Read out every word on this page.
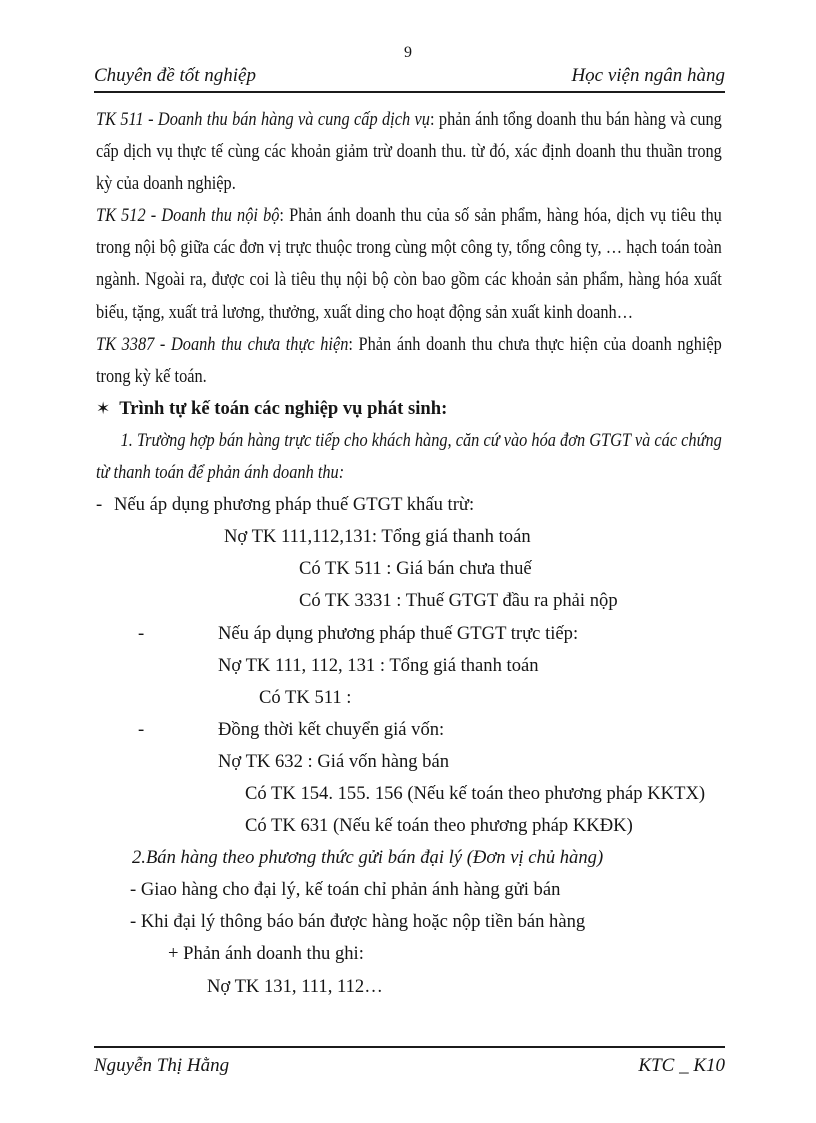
9
Chuyên đề tốt nghiệp	Học viện ngân hàng

TK 511 - Doanh thu bán hàng và cung cấp dịch vụ: phản ánh tổng doanh thu bán hàng và cung cấp dịch vụ thực tế cùng các khoản giảm trừ doanh thu. từ đó, xác định doanh thu thuần trong kỳ của doanh nghiệp.

TK 512 - Doanh thu nội bộ: Phản ánh doanh thu của số sản phẩm, hàng hóa, dịch vụ tiêu thụ trong nội bộ giữa các đơn vị trực thuộc trong cùng một công ty, tổng công ty, … hạch toán toàn ngành. Ngoài ra, được coi là tiêu thụ nội bộ còn bao gồm các khoản sản phẩm, hàng hóa xuất biếu, tặng, xuất trả lương, thưởng, xuất ding cho hoạt động sản xuất kinh doanh…

TK 3387 - Doanh thu chưa thực hiện: Phản ánh doanh thu chưa thực hiện của doanh nghiệp trong kỳ kế toán.

✶ Trình tự kế toán các nghiệp vụ phát sinh:

1. Trường hợp bán hàng trực tiếp cho khách hàng, căn cứ vào hóa đơn GTGT và các chứng từ thanh toán để phản ánh doanh thu:

- Nếu áp dụng phương pháp thuế GTGT khấu trừ:
Nợ TK 111,112,131: Tổng giá thanh toán
Có TK 511 : Giá bán chưa thuế
Có TK 3331 : Thuế GTGT đầu ra phải nộp
-	Nếu áp dụng phương pháp thuế GTGT trực tiếp:
Nợ TK 111, 112, 131 : Tổng giá thanh toán
Có TK 511 :
-	Đồng thời kết chuyển giá vốn:
Nợ TK 632 : Giá vốn hàng bán
Có TK 154. 155. 156 (Nếu kế toán theo phương pháp KKTX)
Có TK 631 (Nếu kế toán theo phương pháp KKĐK)
2.Bán hàng theo phương thức gửi bán đại lý (Đơn vị chủ hàng)
- Giao hàng cho đại lý, kế toán chỉ phản ánh hàng gửi bán
- Khi đại lý thông báo bán được hàng hoặc nộp tiền bán hàng
+ Phản ánh doanh thu ghi:
Nợ TK 131, 111, 112…
Nguyễn Thị Hằng	KTC _ K10
